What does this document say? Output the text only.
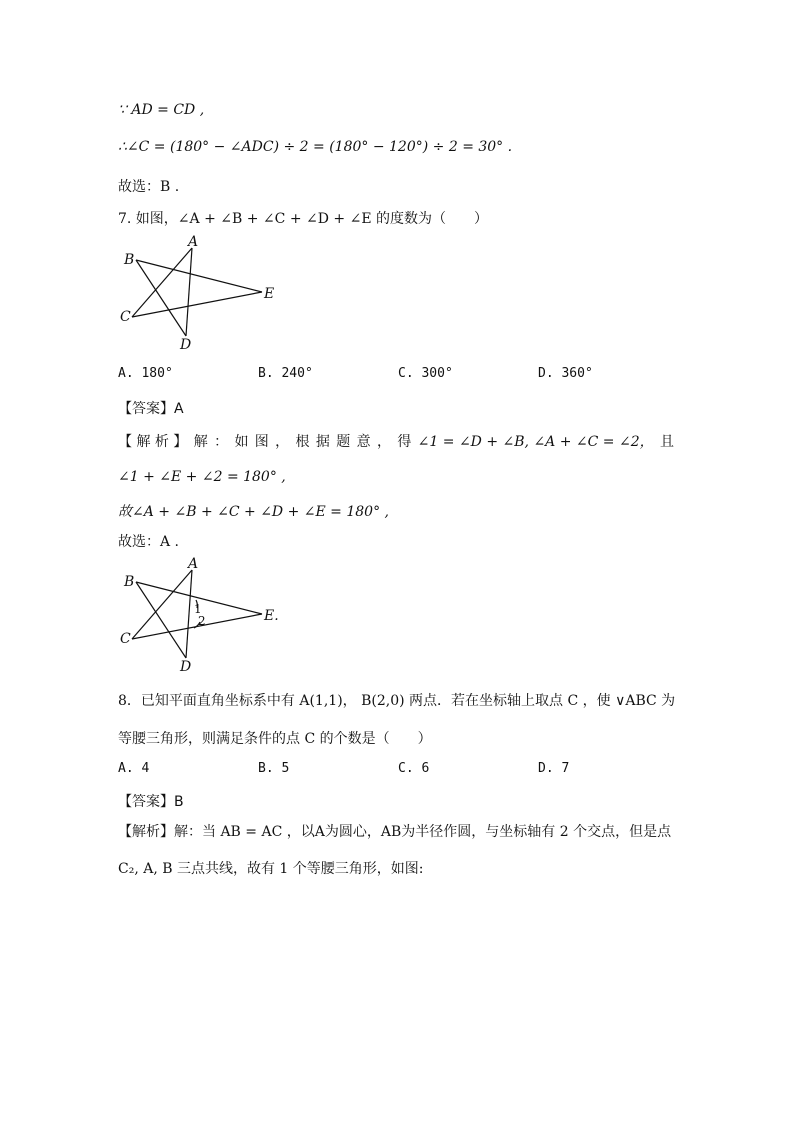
∵ AD = CD ,
∴∠C = (180° − ∠ADC) ÷ 2 = (180° − 120°) ÷ 2 = 30° .
故选：B .
7. 如图，∠A + ∠B + ∠C + ∠D + ∠E 的度数为（　　）
A
B
C
D
E
A. 180°	B. 240°	C. 300°	D. 360°
【答案】A
【 解 析 】 解 ： 如 图 ， 根 据 题 意 ， 得 ∠1 = ∠D + ∠B, ∠A + ∠C = ∠2， 且
∠1 + ∠E + ∠2 = 180° ,
故∠A + ∠B + ∠C + ∠D + ∠E = 180° ,
故选：A .
1
2
A
B
C
D
E.
8．已知平面直角坐标系中有 A(1,1)， B(2,0) 两点．若在坐标轴上取点 C ，使 ∨ABC 为
等腰三角形，则满足条件的点 C 的个数是（　　）
A. 4	B. 5	C. 6	D. 7
【答案】B
【解析】解：当 AB = AC ，以A为圆心，AB为半径作圆，与坐标轴有 2 个交点，但是点
C₂, A, B 三点共线，故有 1 个等腰三角形，如图:
